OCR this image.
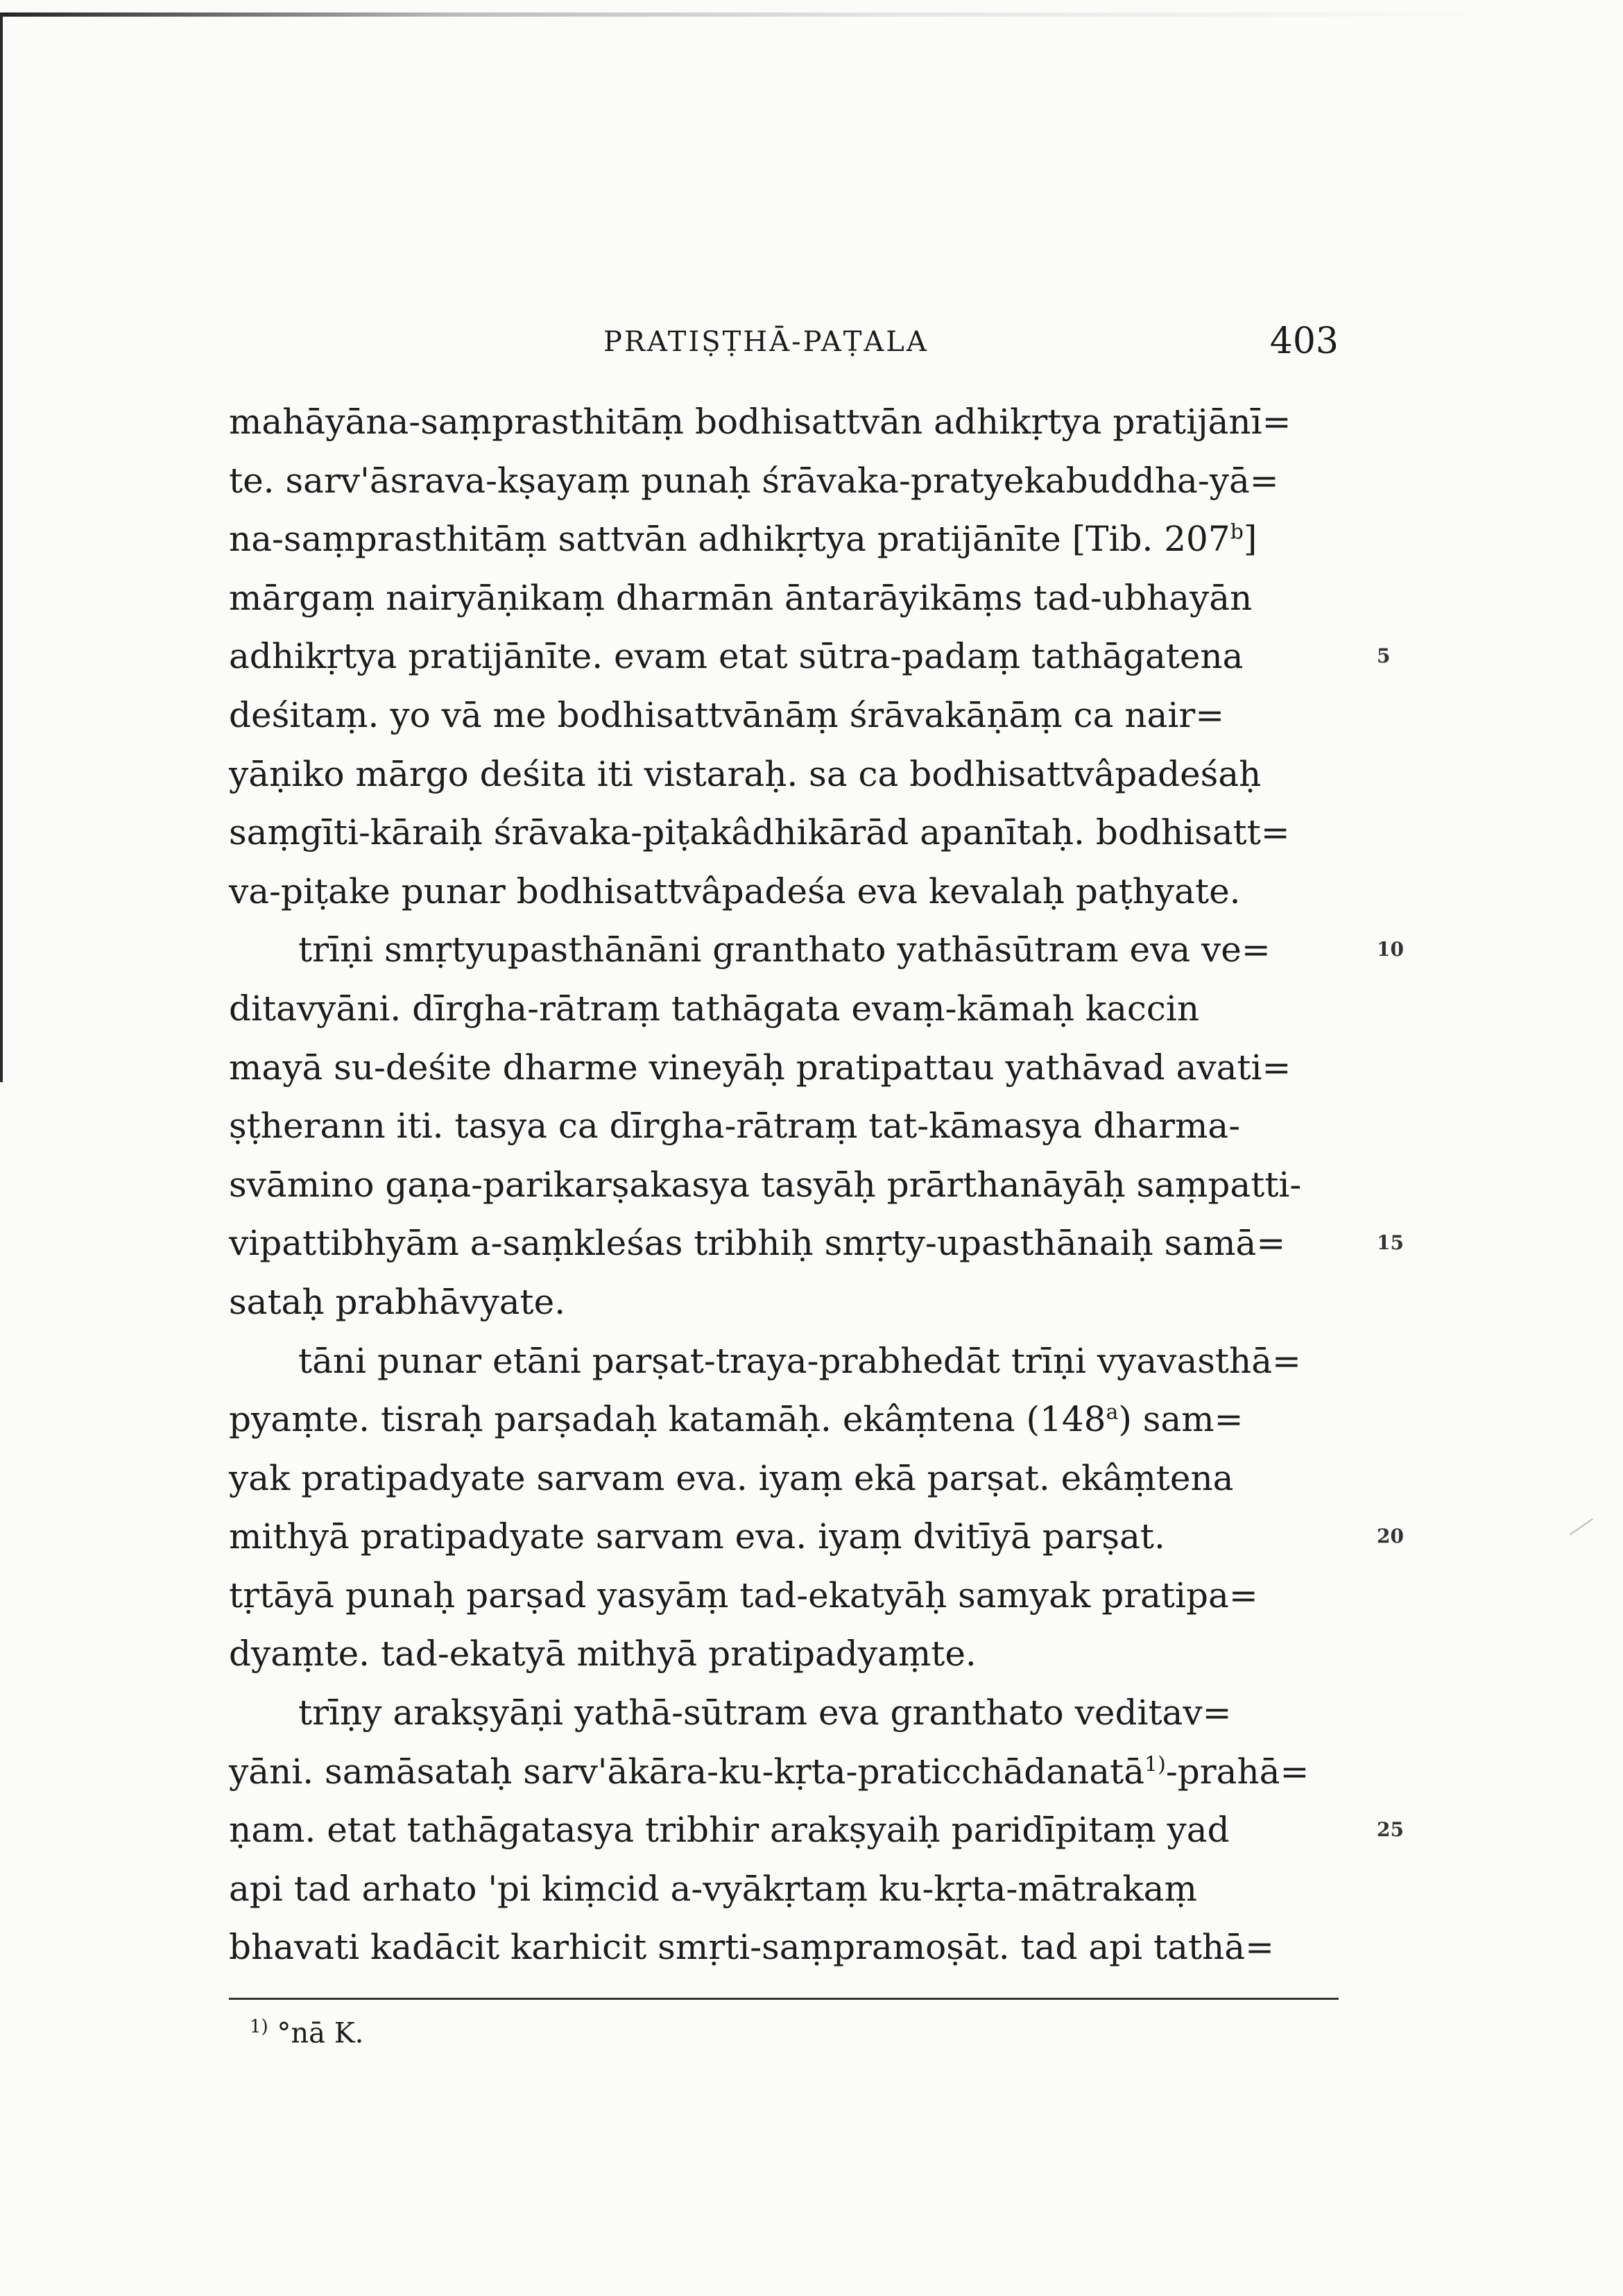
PRATIṢṬHĀ-PAṬALA	403
mahāyāna-saṃprasthitāṃ bodhisattvān adhikṛtya pratijānī=
te. sarv'āsrava-kṣayaṃ punaḥ śrāvaka-pratyekabuddha-yā=
na-saṃprasthitāṃ sattvān adhikṛtya pratijānīte [Tib. 207$^b$]
mārgaṃ nairyāṇikaṃ dharmān āntarāyikāṃs tad-ubhayān
adhikṛtya pratijānīte. evam etat sūtra-padaṃ tathāgatena
deśitaṃ. yo vā me bodhisattvānāṃ śrāvakāṇāṃ ca nair=
yāṇiko mārgo deśita iti vistaraḥ. sa ca bodhisattvâpadeśaḥ
saṃgīti-kāraiḥ śrāvaka-piṭakâdhikārād apanītaḥ. bodhisatt=
va-piṭake punar bodhisattvâpadeśa eva kevalaḥ paṭhyate.
trīṇi smṛtyupasthānāni granthato yathāsūtram eva ve=
ditavyāni. dīrgha-rātraṃ tathāgata evaṃ-kāmaḥ kaccin
mayā su-deśite dharme vineyāḥ pratipattau yathāvad avati=
ṣṭherann iti. tasya ca dīrgha-rātraṃ tat-kāmasya dharma-
svāmino gaṇa-parikarṣakasya tasyāḥ prārthanāyāḥ saṃpatti-
vipattibhyām a-saṃkleśas tribhiḥ smṛty-upasthānaiḥ samā=
sataḥ prabhāvyate.
tāni punar etāni parṣat-traya-prabhedāt trīṇi vyavasthā=
pyaṃte. tisraḥ parṣadaḥ katamāḥ. ekâṃtena (148$^a$) sam=
yak pratipadyate sarvam eva. iyaṃ ekā parṣat. ekâṃtena
mithyā pratipadyate sarvam eva. iyaṃ dvitīyā parṣat.
tṛtāyā punaḥ parṣad yasyāṃ tad-ekatyāḥ samyak pratipa=
dyaṃte. tad-ekatyā mithyā pratipadyaṃte.
trīṇy arakṣyāṇi yathā-sūtram eva granthato veditav=
yāni. samāsataḥ sarv'ākāra-ku-kṛta-praticchādanatā$^{1)}$-prahā=
ṇam. etat tathāgatasya tribhir arakṣyaiḥ paridīpitaṃ yad
api tad arhato 'pi kiṃcid a-vyākṛtaṃ ku-kṛta-mātrakaṃ
bhavati kadācit karhicit smṛti-saṃpramoṣāt. tad api tathā=
5
10
15
20
25
$^{1)}$ °nā K.
